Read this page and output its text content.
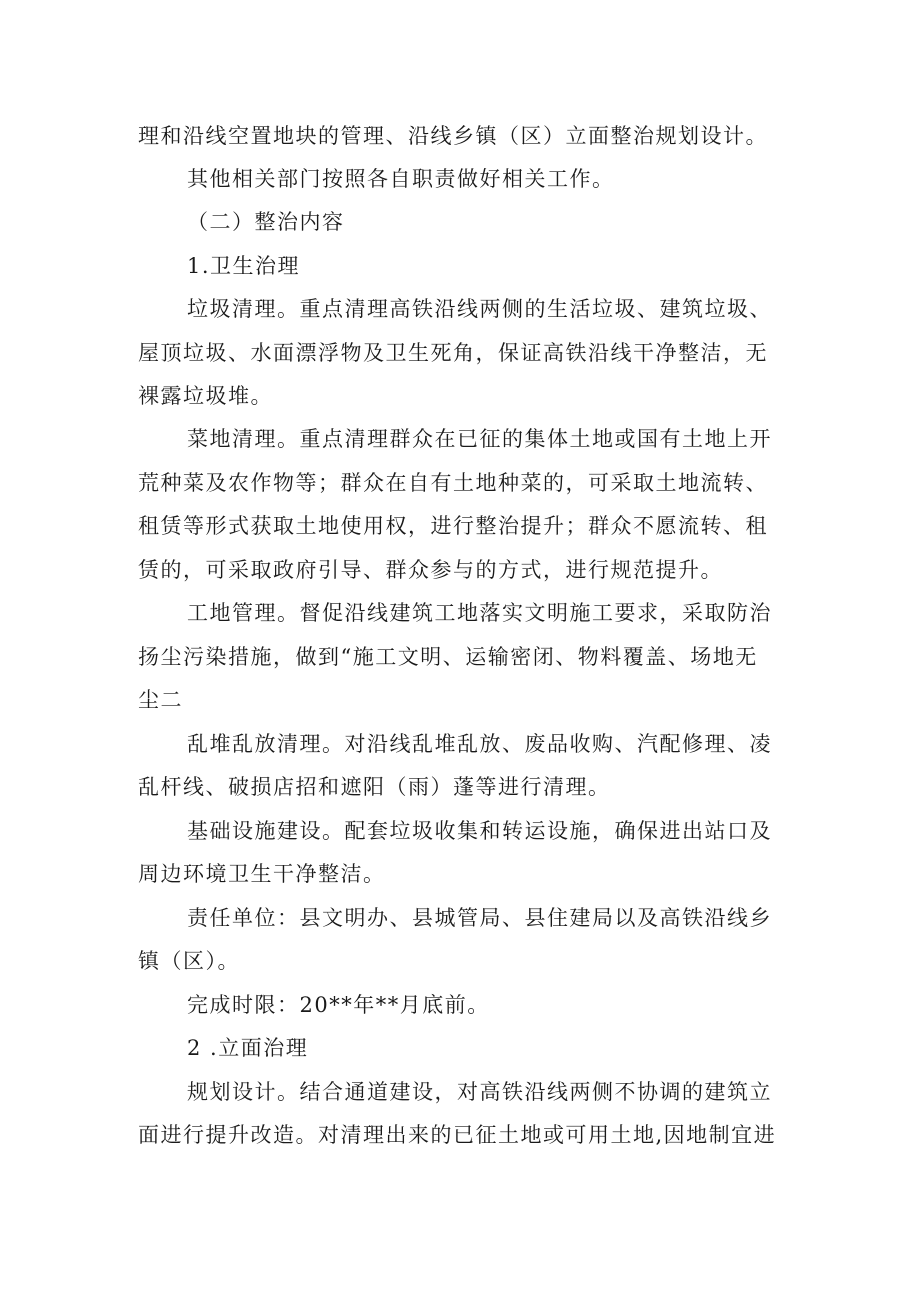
理和沿线空置地块的管理、沿线乡镇（区）立面整治规划设计。
其他相关部门按照各自职责做好相关工作。
（二）整治内容
1.卫生治理
垃圾清理。重点清理高铁沿线两侧的生活垃圾、建筑垃圾、
屋顶垃圾、水面漂浮物及卫生死角，保证高铁沿线干净整洁，无
裸露垃圾堆。
菜地清理。重点清理群众在已征的集体土地或国有土地上开
荒种菜及农作物等；群众在自有土地种菜的，可采取土地流转、
租赁等形式获取土地使用权，进行整治提升；群众不愿流转、租
赁的，可采取政府引导、群众参与的方式，进行规范提升。
工地管理。督促沿线建筑工地落实文明施工要求，采取防治
扬尘污染措施，做到“施工文明、运输密闭、物料覆盖、场地无
尘二
乱堆乱放清理。对沿线乱堆乱放、废品收购、汽配修理、凌
乱杆线、破损店招和遮阳（雨）蓬等进行清理。
基础设施建设。配套垃圾收集和转运设施，确保进出站口及
周边环境卫生干净整洁。
责任单位：县文明办、县城管局、县住建局以及高铁沿线乡
镇（区）。
完成时限：20**年**月底前。
2 .立面治理
规划设计。结合通道建设，对高铁沿线两侧不协调的建筑立
面进行提升改造。对清理出来的已征土地或可用土地,因地制宜进
